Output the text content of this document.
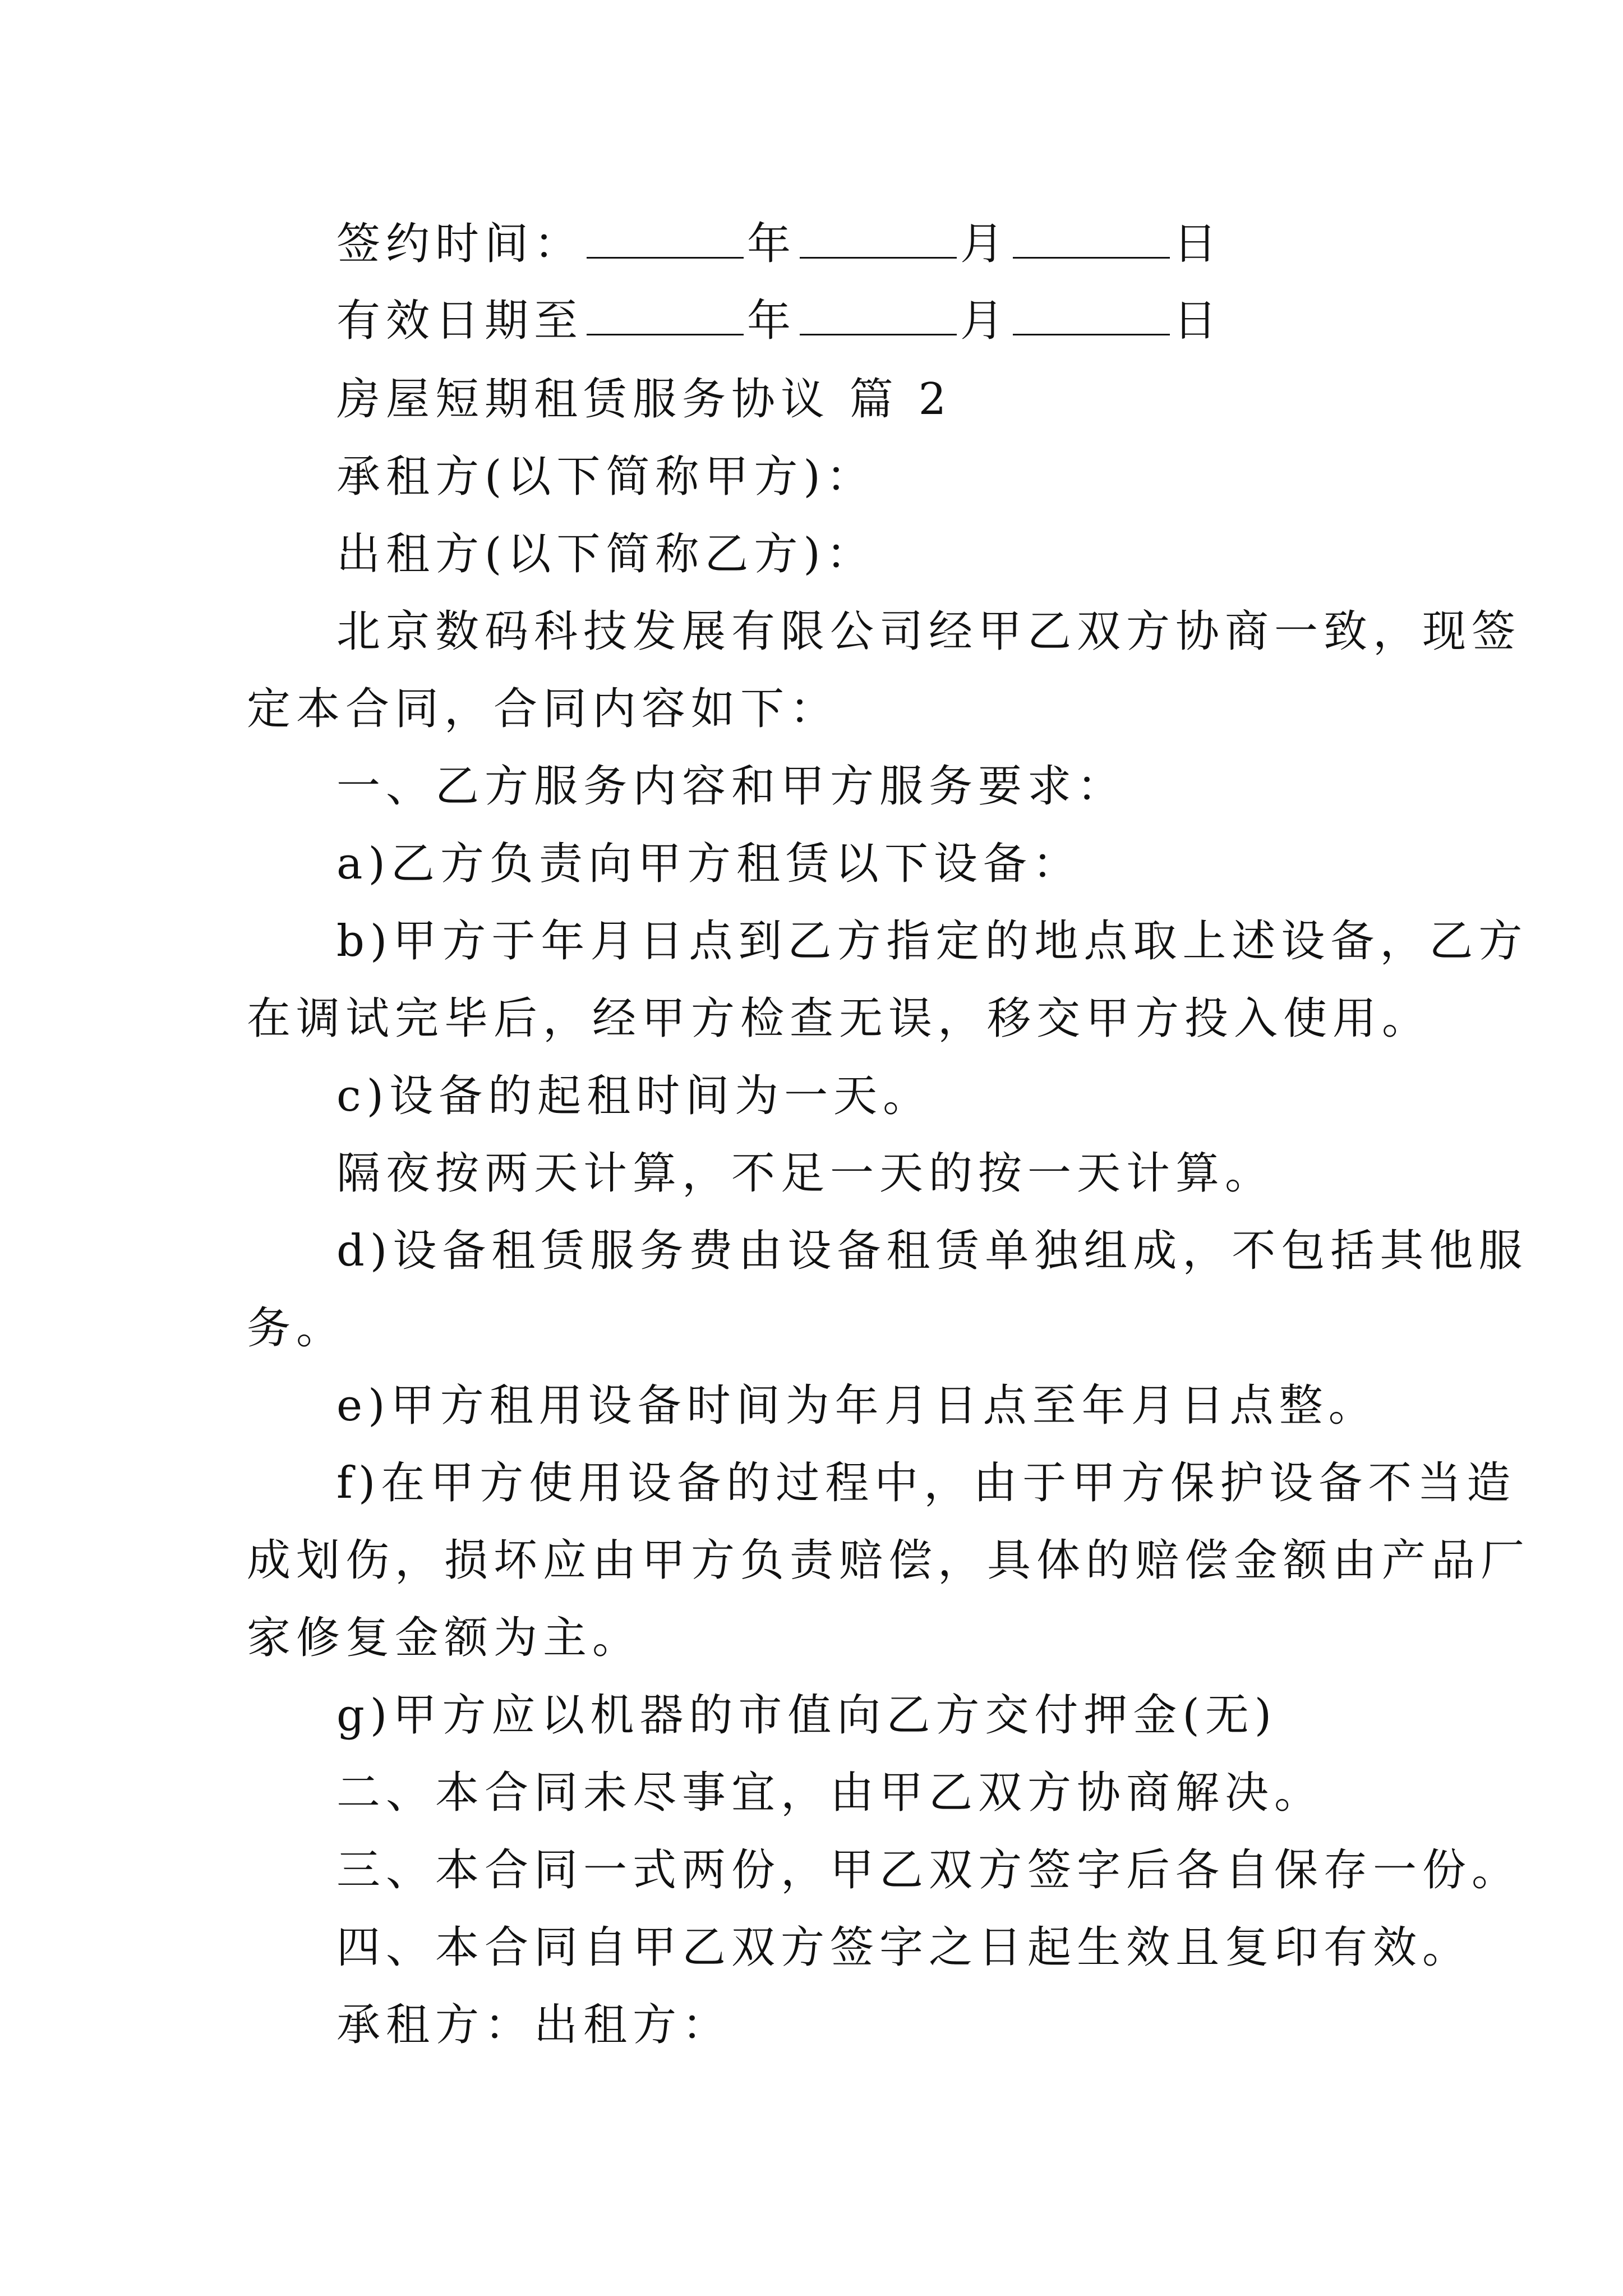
签约时间：	年	月	日
有效日期至	年	月	日
房屋短期租赁服务协议 篇 2
承租方(以下简称甲方)：
出租方(以下简称乙方)：
北京数码科技发展有限公司经甲乙双方协商一致，现签
定本合同，合同内容如下：
一、乙方服务内容和甲方服务要求：
a)乙方负责向甲方租赁以下设备：
b)甲方于年月日点到乙方指定的地点取上述设备，乙方
在调试完毕后，经甲方检查无误，移交甲方投入使用。
c)设备的起租时间为一天。
隔夜按两天计算，不足一天的按一天计算。
d)设备租赁服务费由设备租赁单独组成，不包括其他服
务。
e)甲方租用设备时间为年月日点至年月日点整。
f)在甲方使用设备的过程中，由于甲方保护设备不当造
成划伤，损坏应由甲方负责赔偿，具体的赔偿金额由产品厂
家修复金额为主。
g)甲方应以机器的市值向乙方交付押金(无)
二、本合同未尽事宜，由甲乙双方协商解决。
三、本合同一式两份，甲乙双方签字后各自保存一份。
四、本合同自甲乙双方签字之日起生效且复印有效。
承租方：出租方：
